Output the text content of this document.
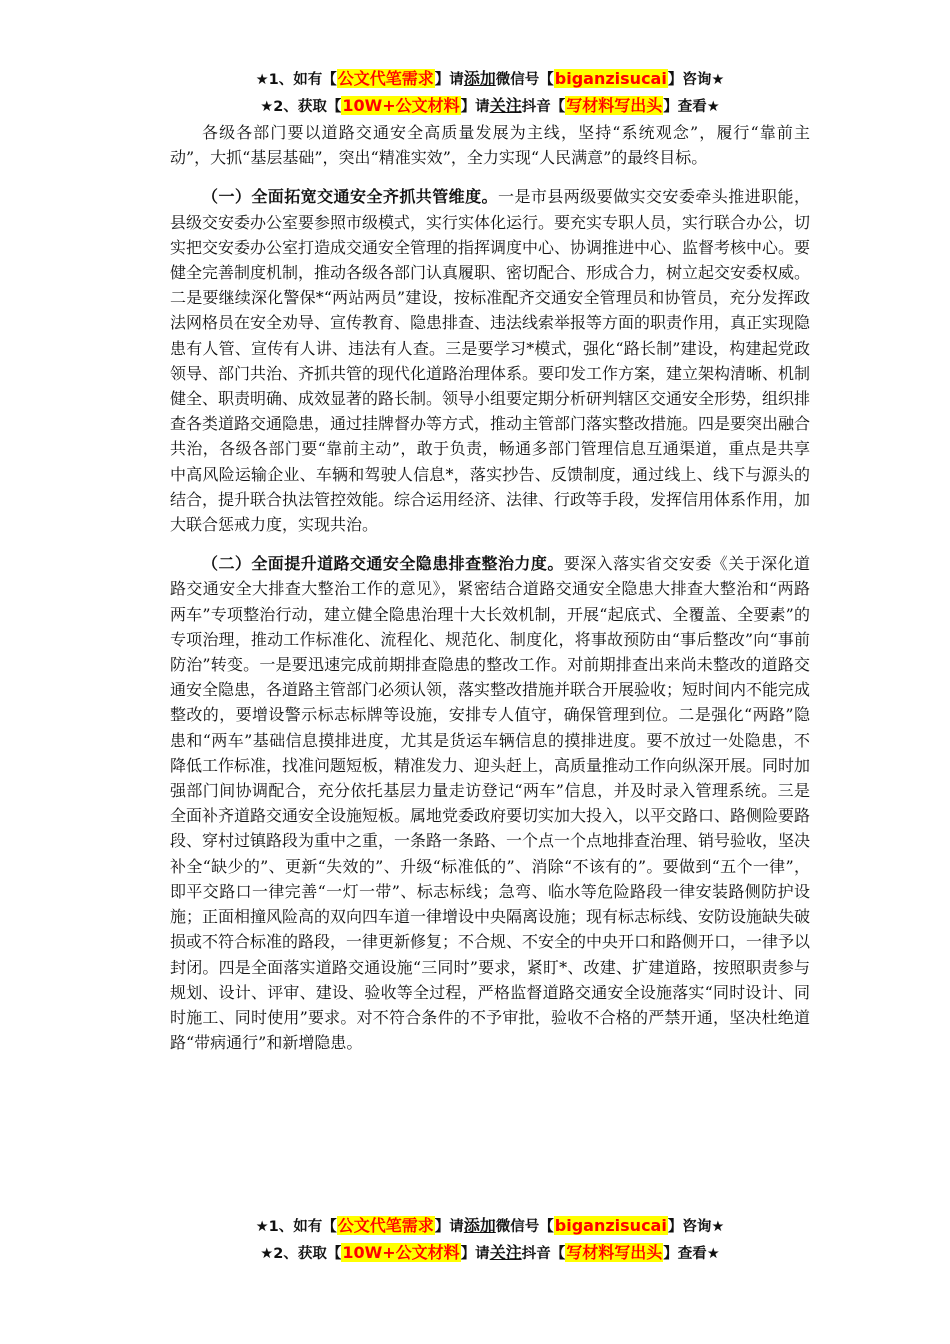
★1、如有【公文代笔需求】请添加微信号【biganzisucai】咨询★
★2、获取【10W+公文材料】请关注抖音【写材料写出头】查看★

各级各部门要以道路交通安全高质量发展为主线，坚持“系统观念”，履行“靠前主动”，大抓“基层基础”，突出“精准实效”，全力实现“人民满意”的最终目标。

（一）全面拓宽交通安全齐抓共管维度。一是市县两级要做实交安委牵头推进职能，县级交安委办公室要参照市级模式，实行实体化运行。要充实专职人员，实行联合办公，切实把交安委办公室打造成交通安全管理的指挥调度中心、协调推进中心、监督考核中心。要健全完善制度机制，推动各级各部门认真履职、密切配合、形成合力，树立起交安委权威。二是要继续深化警保*“两站两员”建设，按标准配齐交通安全管理员和协管员，充分发挥政法网格员在安全劝导、宣传教育、隐患排查、违法线索举报等方面的职责作用，真正实现隐患有人管、宣传有人讲、违法有人查。三是要学习*模式，强化“路长制”建设，构建起党政领导、部门共治、齐抓共管的现代化道路治理体系。要印发工作方案，建立架构清晰、机制健全、职责明确、成效显著的路长制。领导小组要定期分析研判辖区交通安全形势，组织排查各类道路交通隐患，通过挂牌督办等方式，推动主管部门落实整改措施。四是要突出融合共治，各级各部门要“靠前主动”，敢于负责，畅通多部门管理信息互通渠道，重点是共享中高风险运输企业、车辆和驾驶人信息*，落实抄告、反馈制度，通过线上、线下与源头的结合，提升联合执法管控效能。综合运用经济、法律、行政等手段，发挥信用体系作用，加大联合惩戒力度，实现共治。

（二）全面提升道路交通安全隐患排查整治力度。要深入落实省交安委《关于深化道路交通安全大排查大整治工作的意见》，紧密结合道路交通安全隐患大排查大整治和“两路两车”专项整治行动，建立健全隐患治理十大长效机制，开展“起底式、全覆盖、全要素”的专项治理，推动工作标准化、流程化、规范化、制度化，将事故预防由“事后整改”向“事前防治”转变。一是要迅速完成前期排查隐患的整改工作。对前期排查出来尚未整改的道路交通安全隐患，各道路主管部门必须认领，落实整改措施并联合开展验收；短时间内不能完成整改的，要增设警示标志标牌等设施，安排专人值守，确保管理到位。二是强化“两路”隐患和“两车”基础信息摸排进度，尤其是货运车辆信息的摸排进度。要不放过一处隐患，不降低工作标准，找准问题短板，精准发力、迎头赶上，高质量推动工作向纵深开展。同时加强部门间协调配合，充分依托基层力量走访登记“两车”信息，并及时录入管理系统。三是全面补齐道路交通安全设施短板。属地党委政府要切实加大投入，以平交路口、路侧险要路段、穿村过镇路段为重中之重，一条路一条路、一个点一个点地排查治理、销号验收，坚决补全“缺少的”、更新“失效的”、升级“标准低的”、消除“不该有的”。要做到“五个一律”，即平交路口一律完善“一灯一带”、标志标线；急弯、临水等危险路段一律安装路侧防护设施；正面相撞风险高的双向四车道一律增设中央隔离设施；现有标志标线、安防设施缺失破损或不符合标准的路段，一律更新修复；不合规、不安全的中央开口和路侧开口，一律予以封闭。四是全面落实道路交通设施“三同时”要求，紧盯*、改建、扩建道路，按照职责参与规划、设计、评审、建设、验收等全过程，严格监督道路交通安全设施落实“同时设计、同时施工、同时使用”要求。对不符合条件的不予审批，验收不合格的严禁开通，坚决杜绝道路“带病通行”和新增隐患。

★1、如有【公文代笔需求】请添加微信号【biganzisucai】咨询★
★2、获取【10W+公文材料】请关注抖音【写材料写出头】查看★
